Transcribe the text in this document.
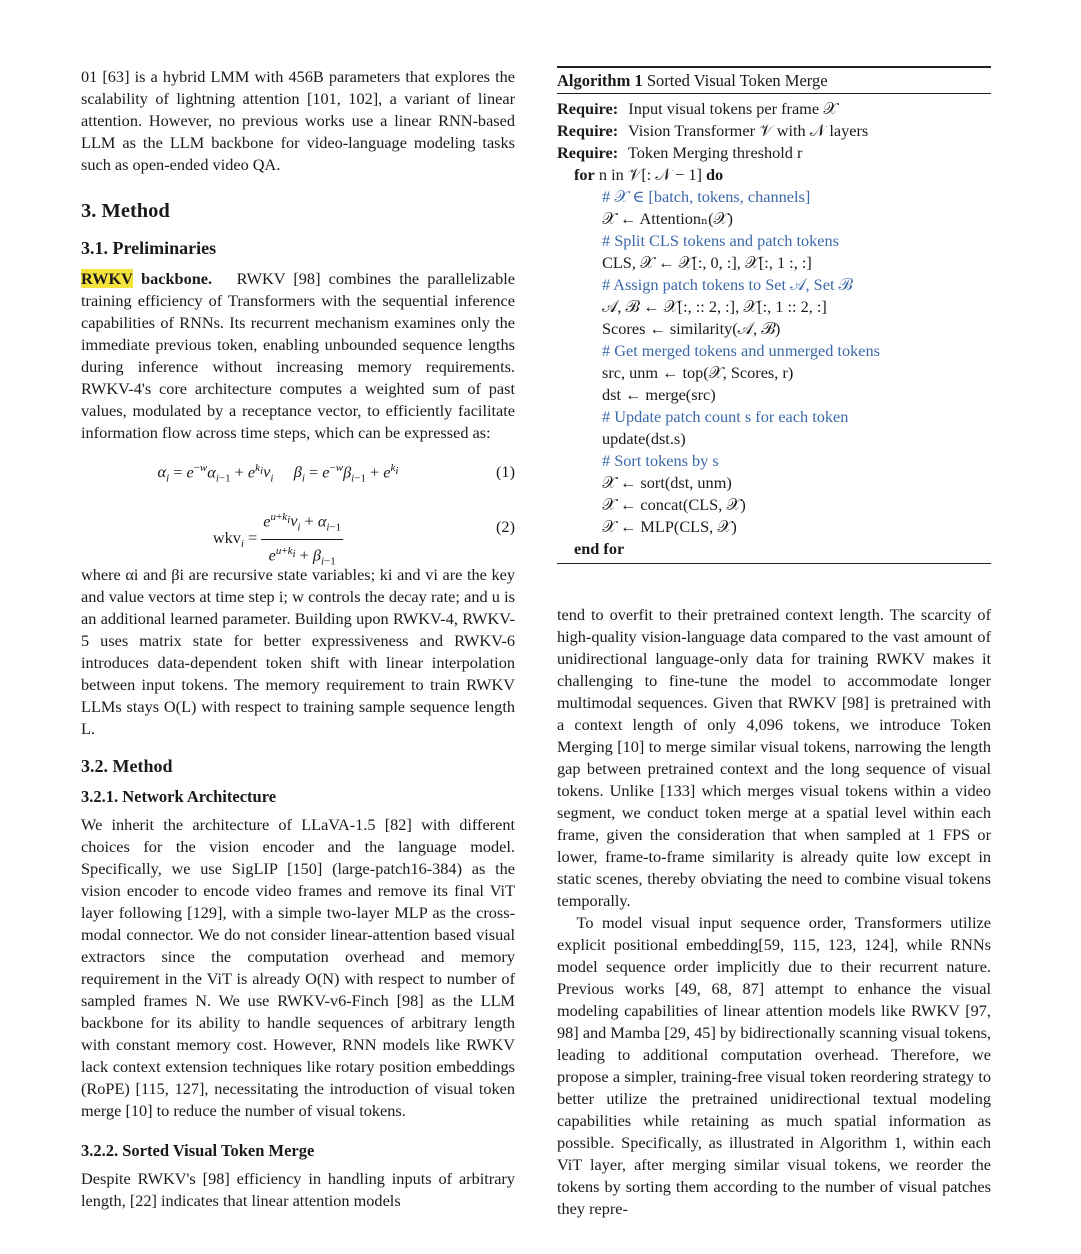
01 [63] is a hybrid LMM with 456B parameters that explores the scalability of lightning attention [101, 102], a variant of linear attention. However, no previous works use a linear RNN-based LLM as the LLM backbone for video-language modeling tasks such as open-ended video QA.

3. Method
3.1. Preliminaries

RWKV backbone. RWKV [98] combines the parallelizable training efficiency of Transformers with the sequential inference capabilities of RNNs. Its recurrent mechanism examines only the immediate previous token, enabling unbounded sequence lengths during inference without increasing memory requirements. RWKV-4's core architecture computes a weighted sum of past values, modulated by a receptance vector, to efficiently facilitate information flow across time steps, which can be expressed as:

$\alpha_i = e^{-w}\alpha_{i-1} + e^{k_i}v_i$ $\beta_i = e^{-w}\beta_{i-1} + e^{k_i}$	(1)
$wkv_i = \frac{e^{u+k_i}v_i + \alpha_{i-1}}{e^{u+k_i} + \beta_{i-1}}$	(2)

where αi and βi are recursive state variables; ki and vi are the key and value vectors at time step i; w controls the decay rate; and u is an additional learned parameter. Building upon RWKV-4, RWKV-5 uses matrix state for better expressiveness and RWKV-6 introduces data-dependent token shift with linear interpolation between input tokens. The memory requirement to train RWKV LLMs stays O(L) with respect to training sample sequence length L.

3.2. Method
3.2.1. Network Architecture

We inherit the architecture of LLaVA-1.5 [82] with different choices for the vision encoder and the language model. Specifically, we use SigLIP [150] (large-patch16-384) as the vision encoder to encode video frames and remove its final ViT layer following [129], with a simple two-layer MLP as the cross-modal connector. We do not consider linear-attention based visual extractors since the computation overhead and memory requirement in the ViT is already O(N) with respect to number of sampled frames N. We use RWKV-v6-Finch [98] as the LLM backbone for its ability to handle sequences of arbitrary length with constant memory cost. However, RNN models like RWKV lack context extension techniques like rotary position embeddings (RoPE) [115, 127], necessitating the introduction of visual token merge [10] to reduce the number of visual tokens.

3.2.2. Sorted Visual Token Merge

Despite RWKV's [98] efficiency in handling inputs of arbitrary length, [22] indicates that linear attention models

Algorithm 1 Sorted Visual Token Merge
Require: Input visual tokens per frame 𝒳
Require: Vision Transformer 𝒱 with 𝒩 layers
Require: Token Merging threshold r
for n in 𝒱[: 𝒩 − 1] do
# 𝒳 ∈ [batch, tokens, channels]
𝒳 ← Attentionₙ(𝒳)
# Split CLS tokens and patch tokens
CLS, 𝒳 ← 𝒳[:, 0, :], 𝒳[:, 1 :, :]
# Assign patch tokens to Set 𝒜, Set ℬ
𝒜, ℬ ← 𝒳[:, :: 2, :], 𝒳[:, 1 :: 2, :]
Scores ← similarity(𝒜, ℬ)
# Get merged tokens and unmerged tokens
src, unm ← top(𝒳, Scores, r)
dst ← merge(src)
# Update patch count s for each token
update(dst.s)
# Sort tokens by s
𝒳 ← sort(dst, unm)
𝒳 ← concat(CLS, 𝒳)
𝒳 ← MLP(CLS, 𝒳)
end for

tend to overfit to their pretrained context length. The scarcity of high-quality vision-language data compared to the vast amount of unidirectional language-only data for training RWKV makes it challenging to fine-tune the model to accommodate longer multimodal sequences. Given that RWKV [98] is pretrained with a context length of only 4,096 tokens, we introduce Token Merging [10] to merge similar visual tokens, narrowing the length gap between pretrained context and the long sequence of visual tokens. Unlike [133] which merges visual tokens within a video segment, we conduct token merge at a spatial level within each frame, given the consideration that when sampled at 1 FPS or lower, frame-to-frame similarity is already quite low except in static scenes, thereby obviating the need to combine visual tokens temporally.

To model visual input sequence order, Transformers utilize explicit positional embedding[59, 115, 123, 124], while RNNs model sequence order implicitly due to their recurrent nature. Previous works [49, 68, 87] attempt to enhance the visual modeling capabilities of linear attention models like RWKV [97, 98] and Mamba [29, 45] by bidirectionally scanning visual tokens, leading to additional computation overhead. Therefore, we propose a simpler, training-free visual token reordering strategy to better utilize the pretrained unidirectional textual modeling capabilities while retaining as much spatial information as possible. Specifically, as illustrated in Algorithm 1, within each ViT layer, after merging similar visual tokens, we reorder the tokens by sorting them according to the number of visual patches they repre-
